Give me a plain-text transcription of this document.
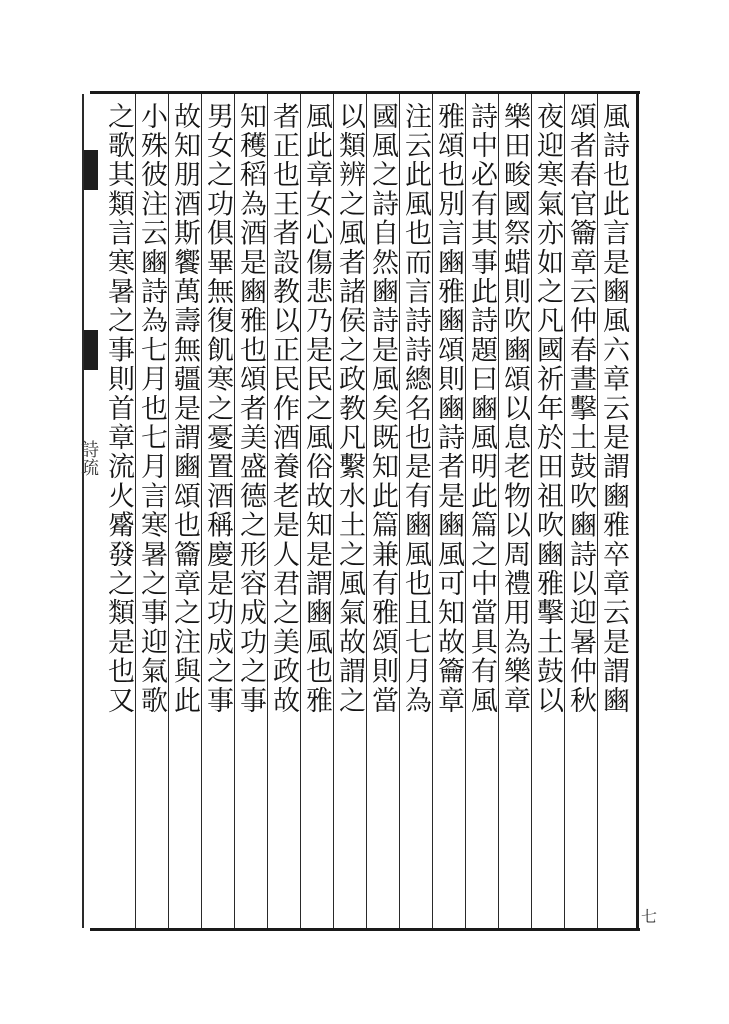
詩疏
七
風詩也此言是豳風六章云是謂豳雅卒章云是謂豳
頌者春官籥章云仲春晝擊土鼓吹豳詩以迎暑仲秋
夜迎寒氣亦如之凡國祈年於田祖吹豳雅擊土鼓以
樂田畯國祭蜡則吹豳頌以息老物以周禮用為樂章
詩中必有其事此詩題曰豳風明此篇之中當具有風
雅頌也別言豳雅豳頌則豳詩者是豳風可知故籥章
注云此風也而言詩詩總名也是有豳風也且七月為
國風之詩自然豳詩是風矣既知此篇兼有雅頌則當
以類辨之風者諸侯之政教凡繫水土之風氣故謂之
風此章女心傷悲乃是民之風俗故知是謂豳風也雅
者正也王者設教以正民作酒養老是人君之美政故
知穫稻為酒是豳雅也頌者美盛德之形容成功之事
男女之功俱畢無復飢寒之憂置酒稱慶是功成之事
故知朋酒斯饗萬壽無疆是謂豳頌也籥章之注與此
小殊彼注云豳詩為七月也七月言寒暑之事迎氣歌
之歌其類言寒暑之事則首章流火觱發之類是也又
